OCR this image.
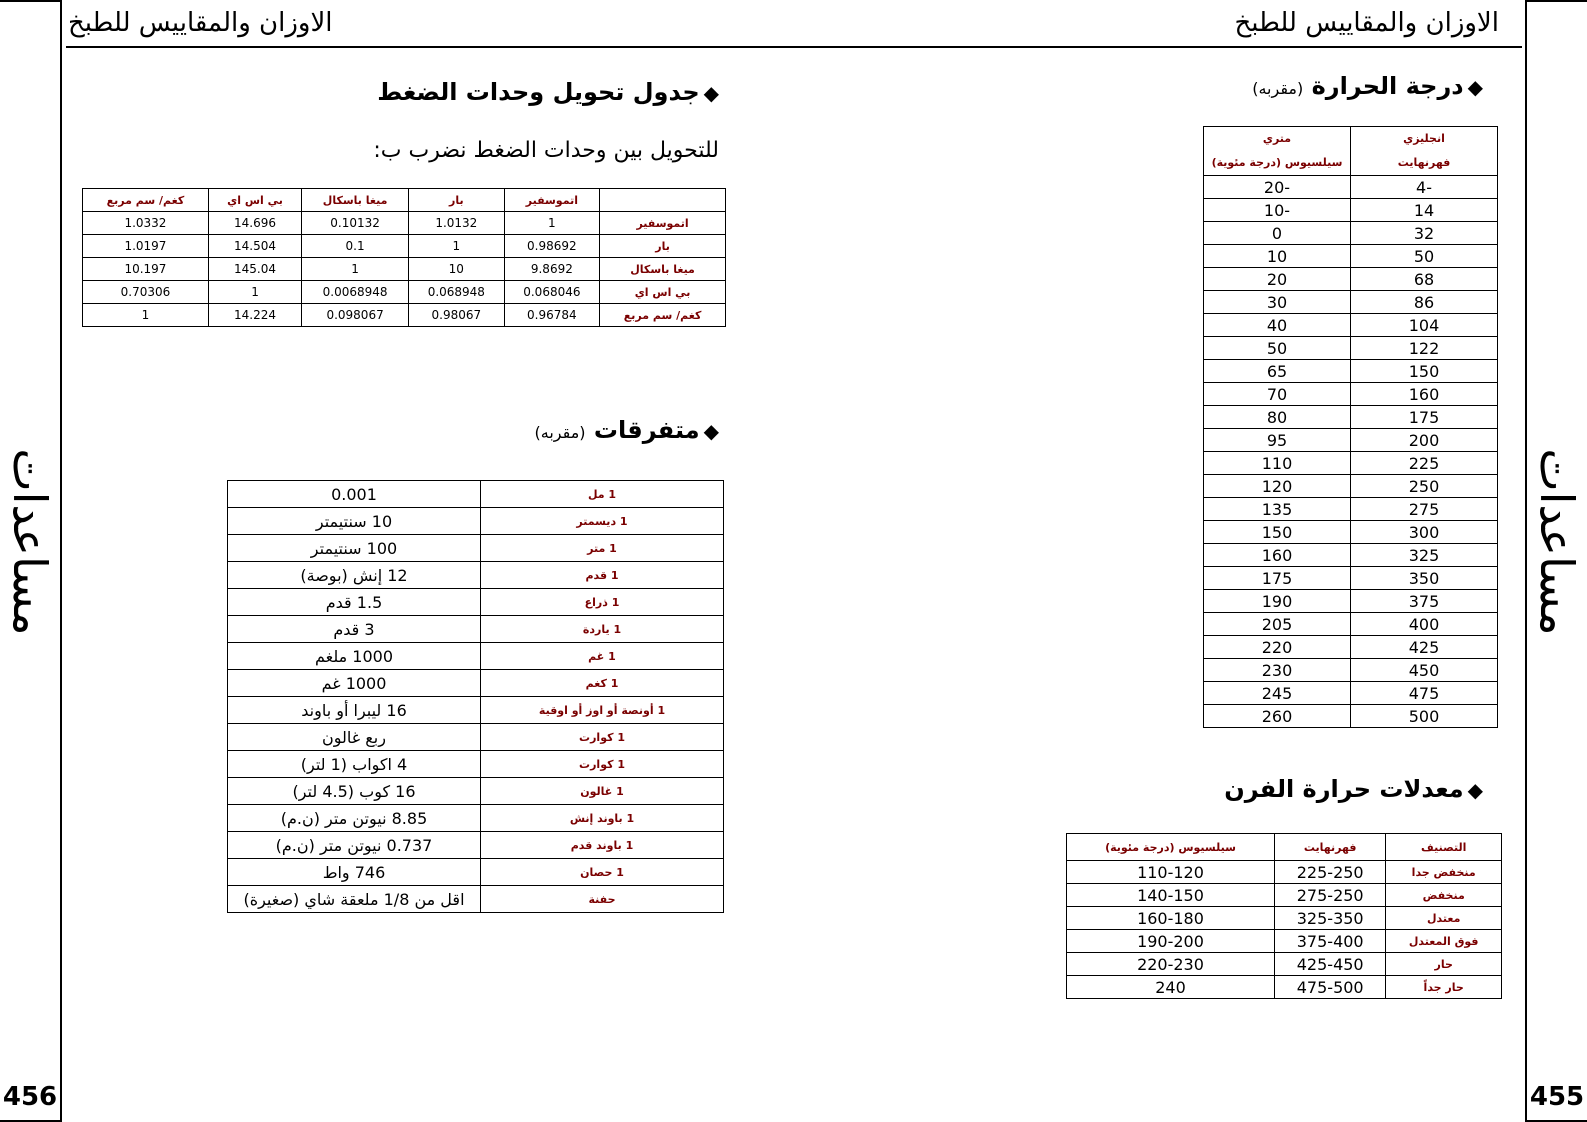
مساعدات
456
مساعدات
455
الاوزان والمقاييس للطبخ	الاوزان والمقاييس للطبخ
◆درجة الحرارة (مقربه)
انجليزي	متري
فهرنهايت	سيلسيوس (درجة مئوية)
-4	-20
14	-10
32	0
50	10
68	20
86	30
104	40
122	50
150	65
160	70
175	80
200	95
225	110
250	120
275	135
300	150
325	160
350	175
375	190
400	205
425	220
450	230
475	245
500	260
◆معدلات حرارة الفرن
التصنيف	فهرنهايت	سيلسيوس (درجة مئوية)
منخفض جدا	225-250	110-120
منخفض	275-250	140-150
معتدل	325-350	160-180
فوق المعتدل	375-400	190-200
حار	425-450	220-230
حار جداً	475-500	240
◆جدول تحويل وحدات الضغط
للتحويل بين وحدات الضغط نضرب ب:
	اتموسفير	بار	ميغا باسكال	بي اس اي	كغم/ سم مربع
اتموسفير	1	1.0132	0.10132	14.696	1.0332
بار	0.98692	1	0.1	14.504	1.0197
ميغا باسكال	9.8692	10	1	145.04	10.197
بي اس اي	0.068046	0.068948	0.0068948	1	0.70306
كغم/ سم مربع	0.96784	0.98067	0.098067	14.224	1
◆متفرقات (مقربه)
1 مل	0.001
1 ديسمتر	10 سنتيمتر
1 متر	100 سنتيمتر
1 قدم	12 إنش (بوصة)
1 ذراع	1.5 قدم
1 ياردة	3 قدم
1 غم	1000 ملغم
1 كغم	1000 غم
1 أونصة أو اوز أو اوقية	16 ليبرا أو باوند
1 كوارت	ربع غالون
1 كوارت	4 اكواب (1 لتر)
1 غالون	16 كوب (4.5 لتر)
1 باوند إنش	8.85 نيوتن متر (ن.م)
1 باوند قدم	0.737 نيوتن متر (ن.م)
1 حصان	746 واط
حفنة	اقل من 1/8 ملعقة شاي (صغيرة)
